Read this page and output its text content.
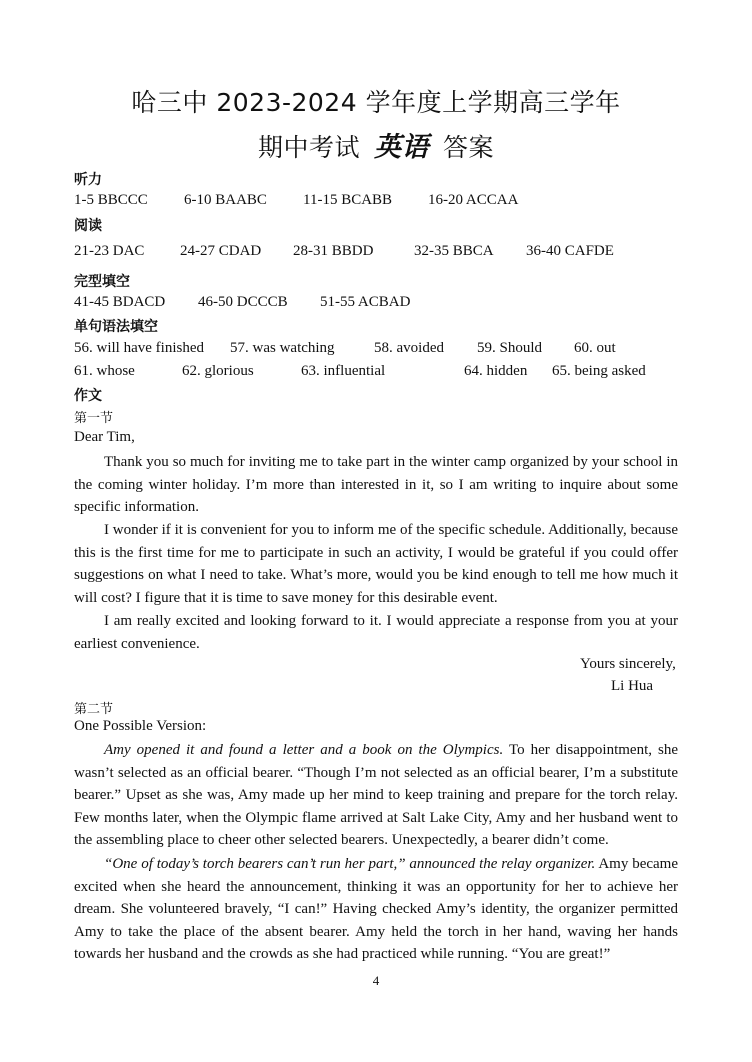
哈三中 2023-2024 学年度上学期高三学年
期中考试 英语 答案
听力
1-5 BBCCC 6-10 BAABC 11-15 BCABB 16-20 ACCAA
阅读
21-23 DAC 24-27 CDAD 28-31 BBDD	32-35 BBCA 36-40 CAFDE
完型填空
41-45 BDACD 46-50 DCCCB 51-55 ACBAD
单句语法填空
56. will have finished 57. was watching	58. avoided 59. Should 60. out
61. whose	62. glorious	63. influential	64. hidden 65. being asked
作文
第一节
Dear Tim,
Thank you so much for inviting me to take part in the winter camp organized by your school in the coming winter holiday. I’m more than interested in it, so I am writing to inquire about some specific information.
I wonder if it is convenient for you to inform me of the specific schedule. Additionally, because this is the first time for me to participate in such an activity, I would be grateful if you could offer suggestions on what I need to take. What’s more, would you be kind enough to tell me how much it will cost? I figure that it is time to save money for this desirable event.
I am really excited and looking forward to it. I would appreciate a response from you at your earliest convenience.
Yours sincerely,
Li Hua
第二节
One Possible Version:
Amy opened it and found a letter and a book on the Olympics. To her disappointment, she wasn’t selected as an official bearer. “Though I’m not selected as an official bearer, I’m a substitute bearer.” Upset as she was, Amy made up her mind to keep training and prepare for the torch relay. Few months later, when the Olympic flame arrived at Salt Lake City, Amy and her husband went to the assembling place to cheer other selected bearers. Unexpectedly, a bearer didn’t come.
“One of today’s torch bearers can’t run her part,” announced the relay organizer. Amy became excited when she heard the announcement, thinking it was an opportunity for her to achieve her dream. She volunteered bravely, “I can!” Having checked Amy’s identity, the organizer permitted Amy to take the place of the absent bearer. Amy held the torch in her hand, waving her hands towards her husband and the crowds as she had practiced while running. “You are great!”
4
